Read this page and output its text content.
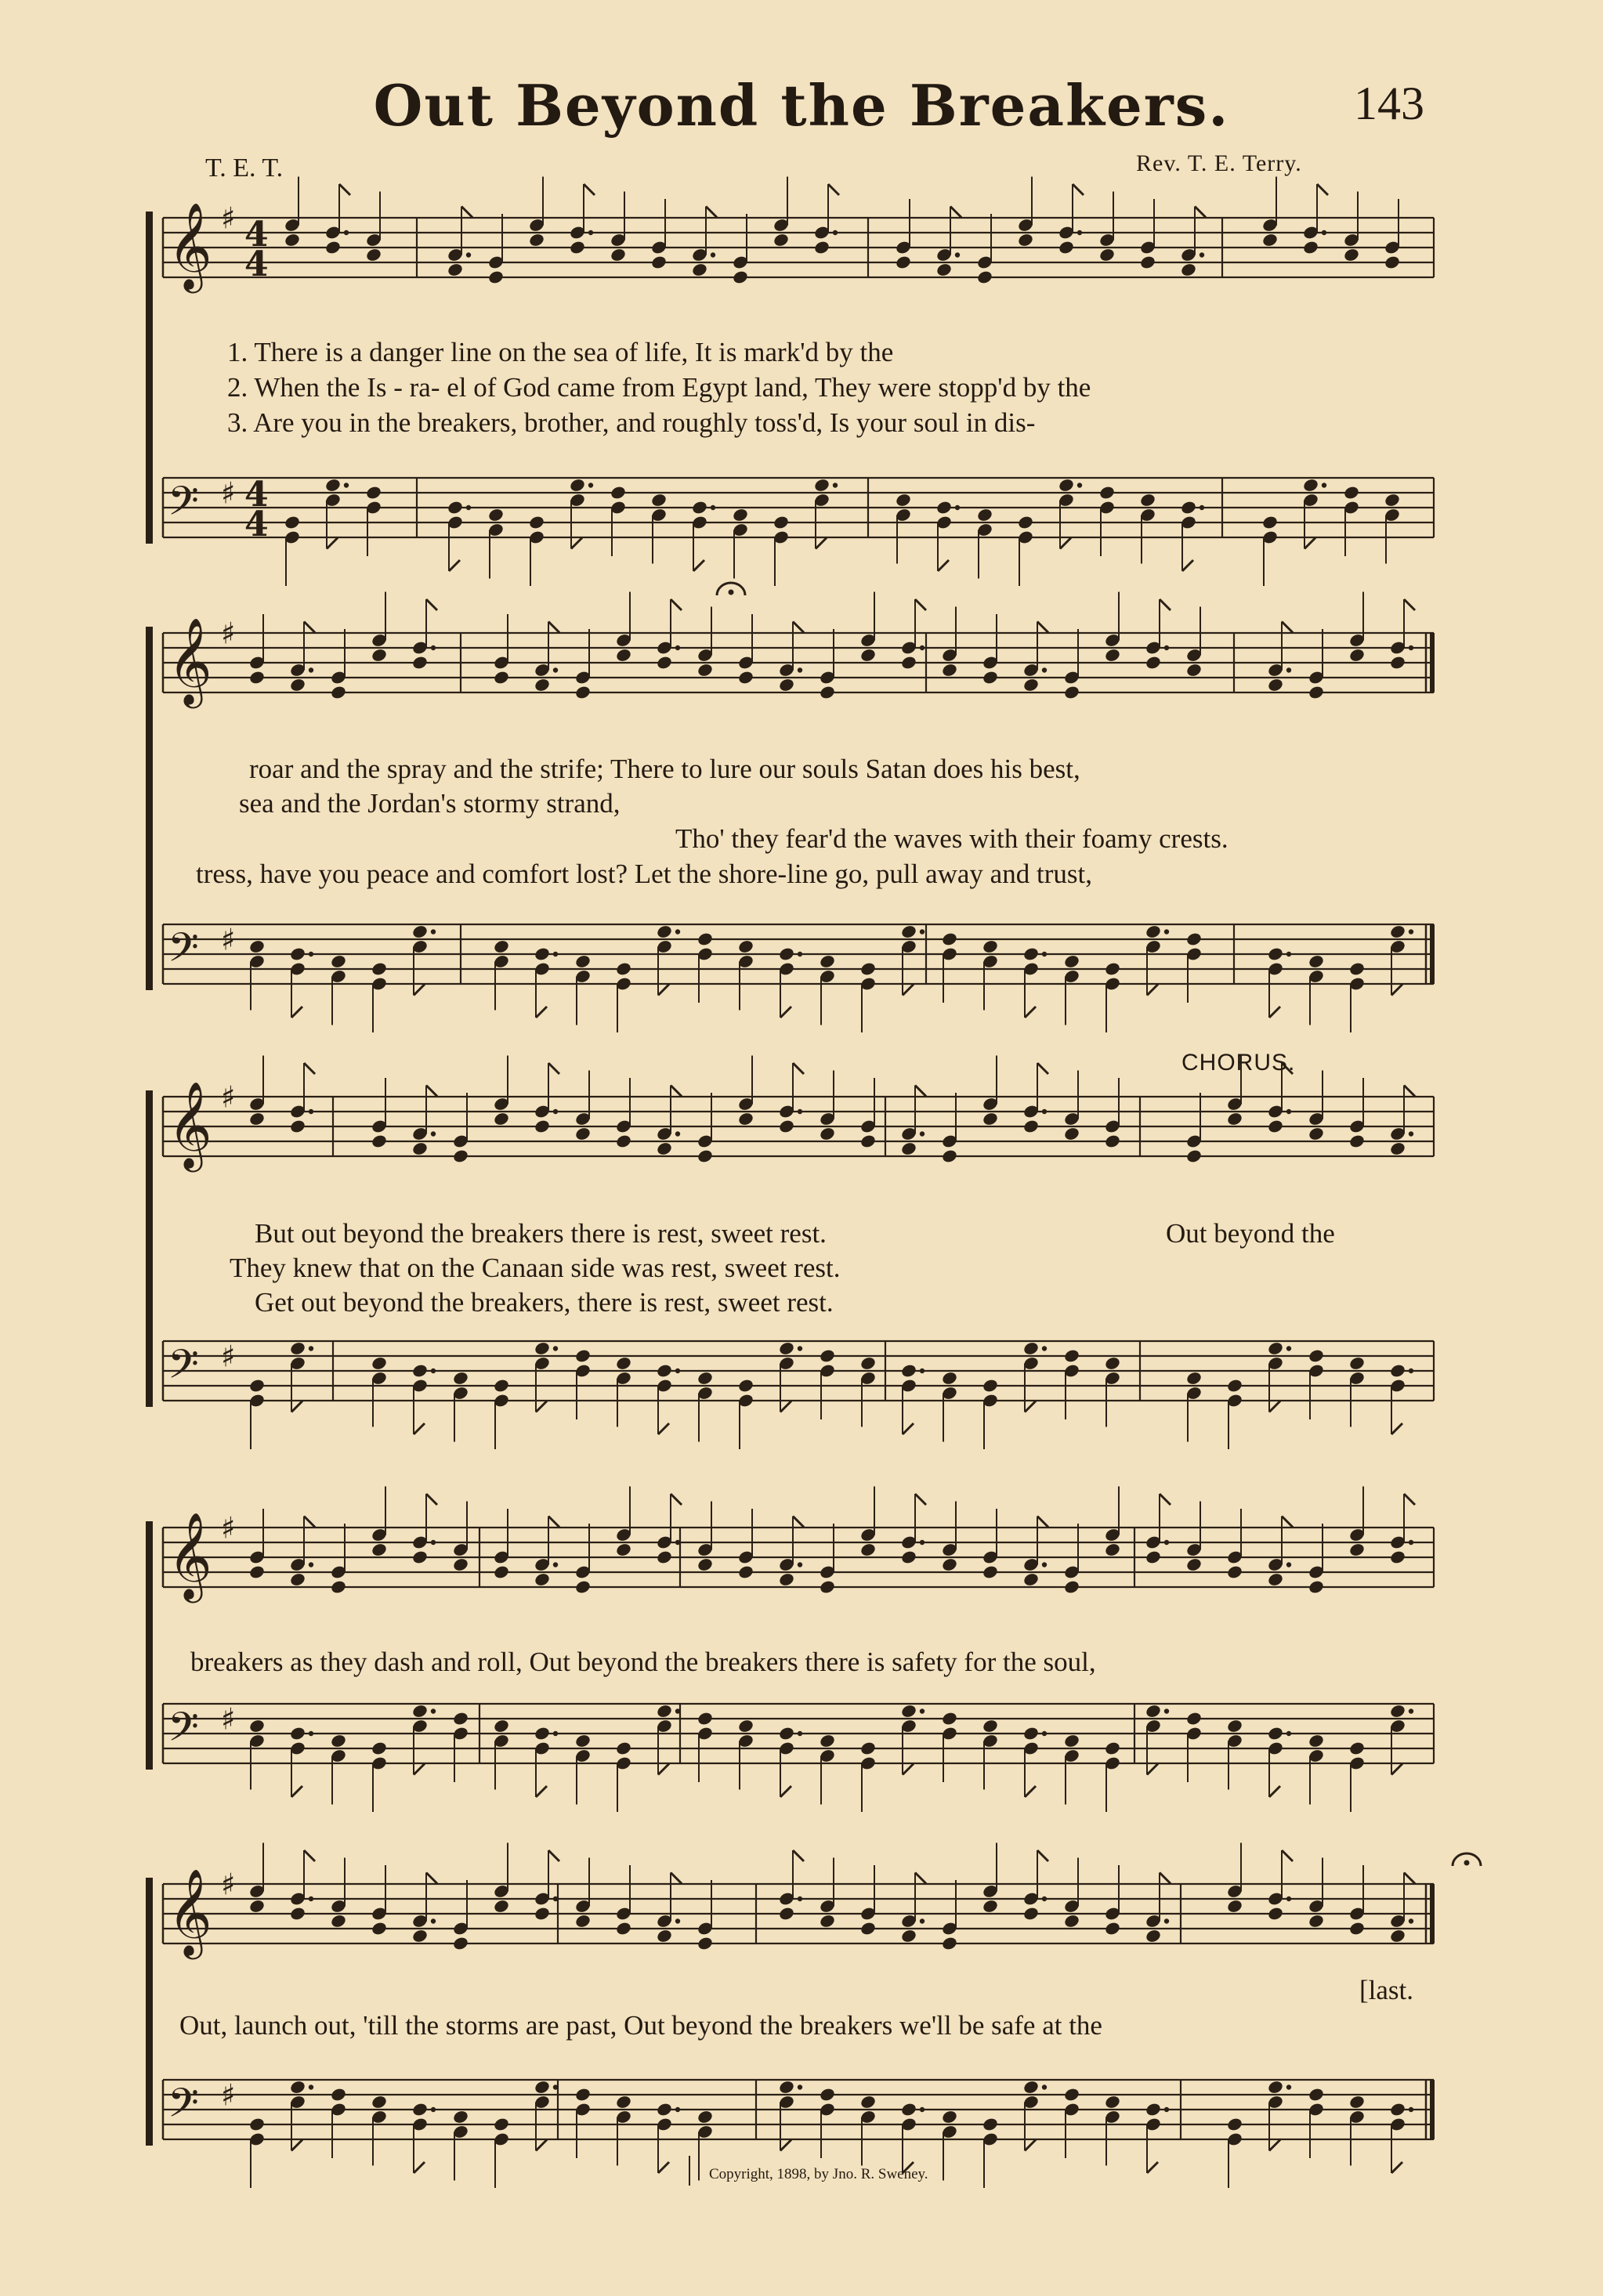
𝄞 ♯ 4
4
𝄢 ♯ 4
4
𝄞 ♯
𝄢 ♯
𝄞 ♯
𝄢 ♯
𝄞 ♯
𝄢 ♯
𝄞 ♯
𝄢 ♯
Out Beyond the Breakers.	143
T. E. T.	Rev. T. E. Terry.
1. There is a danger line on the sea of life, It is mark'd by the
2. When the Is - ra- el of God came from Egypt land, They were stopp'd by the
3. Are you in the breakers, brother, and roughly toss'd, Is your soul in dis-
roar and the spray and the strife; There to lure our souls Satan does his best,
sea and the Jordan's stormy strand,
Tho' they fear'd the waves with their foamy crests.
tress, have you peace and comfort lost? Let the shore-line go, pull away and trust,
CHORUS.
But out beyond the breakers there is rest, sweet rest.
They knew that on the Canaan side was rest, sweet rest.
Get out beyond the breakers, there is rest, sweet rest.
Out beyond the
breakers as they dash and roll, Out beyond the breakers there is safety for the soul,
[last.
Out, launch out, 'till the storms are past, Out beyond the breakers we'll be safe at the
Copyright, 1898, by Jno. R. Sweney.
